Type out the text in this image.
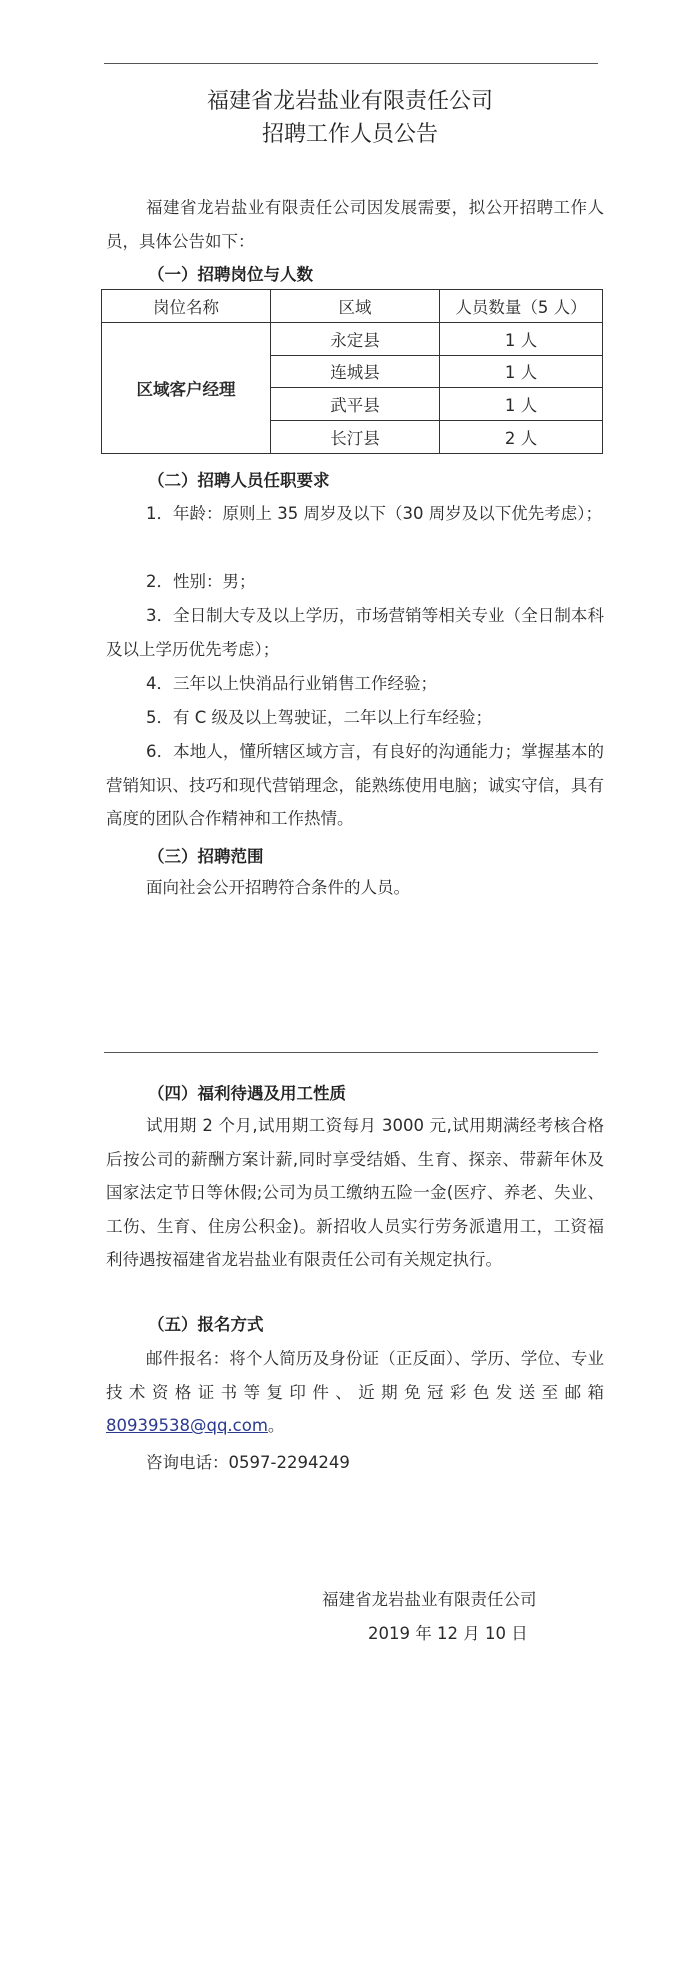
福建省龙岩盐业有限责任公司
招聘工作人员公告
福建省龙岩盐业有限责任公司因发展需要，拟公开招聘工作人员，具体公告如下：
（一）招聘岗位与人数
岗位名称	区域	人员数量（5 人）
区域客户经理	永定县	1 人
	连城县	1 人
	武平县	1 人
	长汀县	2 人
（二）招聘人员任职要求
1．年龄：原则上 35 周岁及以下（30 周岁及以下优先考虑）；
2．性别：男；
3．全日制大专及以上学历，市场营销等相关专业（全日制本科及以上学历优先考虑）；
4．三年以上快消品行业销售工作经验；
5．有 C 级及以上驾驶证，二年以上行车经验；
6．本地人，懂所辖区域方言，有良好的沟通能力；掌握基本的营销知识、技巧和现代营销理念，能熟练使用电脑；诚实守信，具有高度的团队合作精神和工作热情。
（三）招聘范围
面向社会公开招聘符合条件的人员。
（四）福利待遇及用工性质
试用期 2 个月,试用期工资每月 3000 元,试用期满经考核合格后按公司的薪酬方案计薪,同时享受结婚、生育、探亲、带薪年休及国家法定节日等休假;公司为员工缴纳五险一金(医疗、养老、失业、工伤、生育、住房公积金)。新招收人员实行劳务派遣用工，工资福利待遇按福建省龙岩盐业有限责任公司有关规定执行。
（五）报名方式
邮件报名：将个人简历及身份证（正反面）、学历、学位、专业技术资格证书等复印件、近期免冠彩色发送至邮箱80939538@qq.com。
咨询电话：0597-2294249
福建省龙岩盐业有限责任公司
2019 年 12 月 10 日
